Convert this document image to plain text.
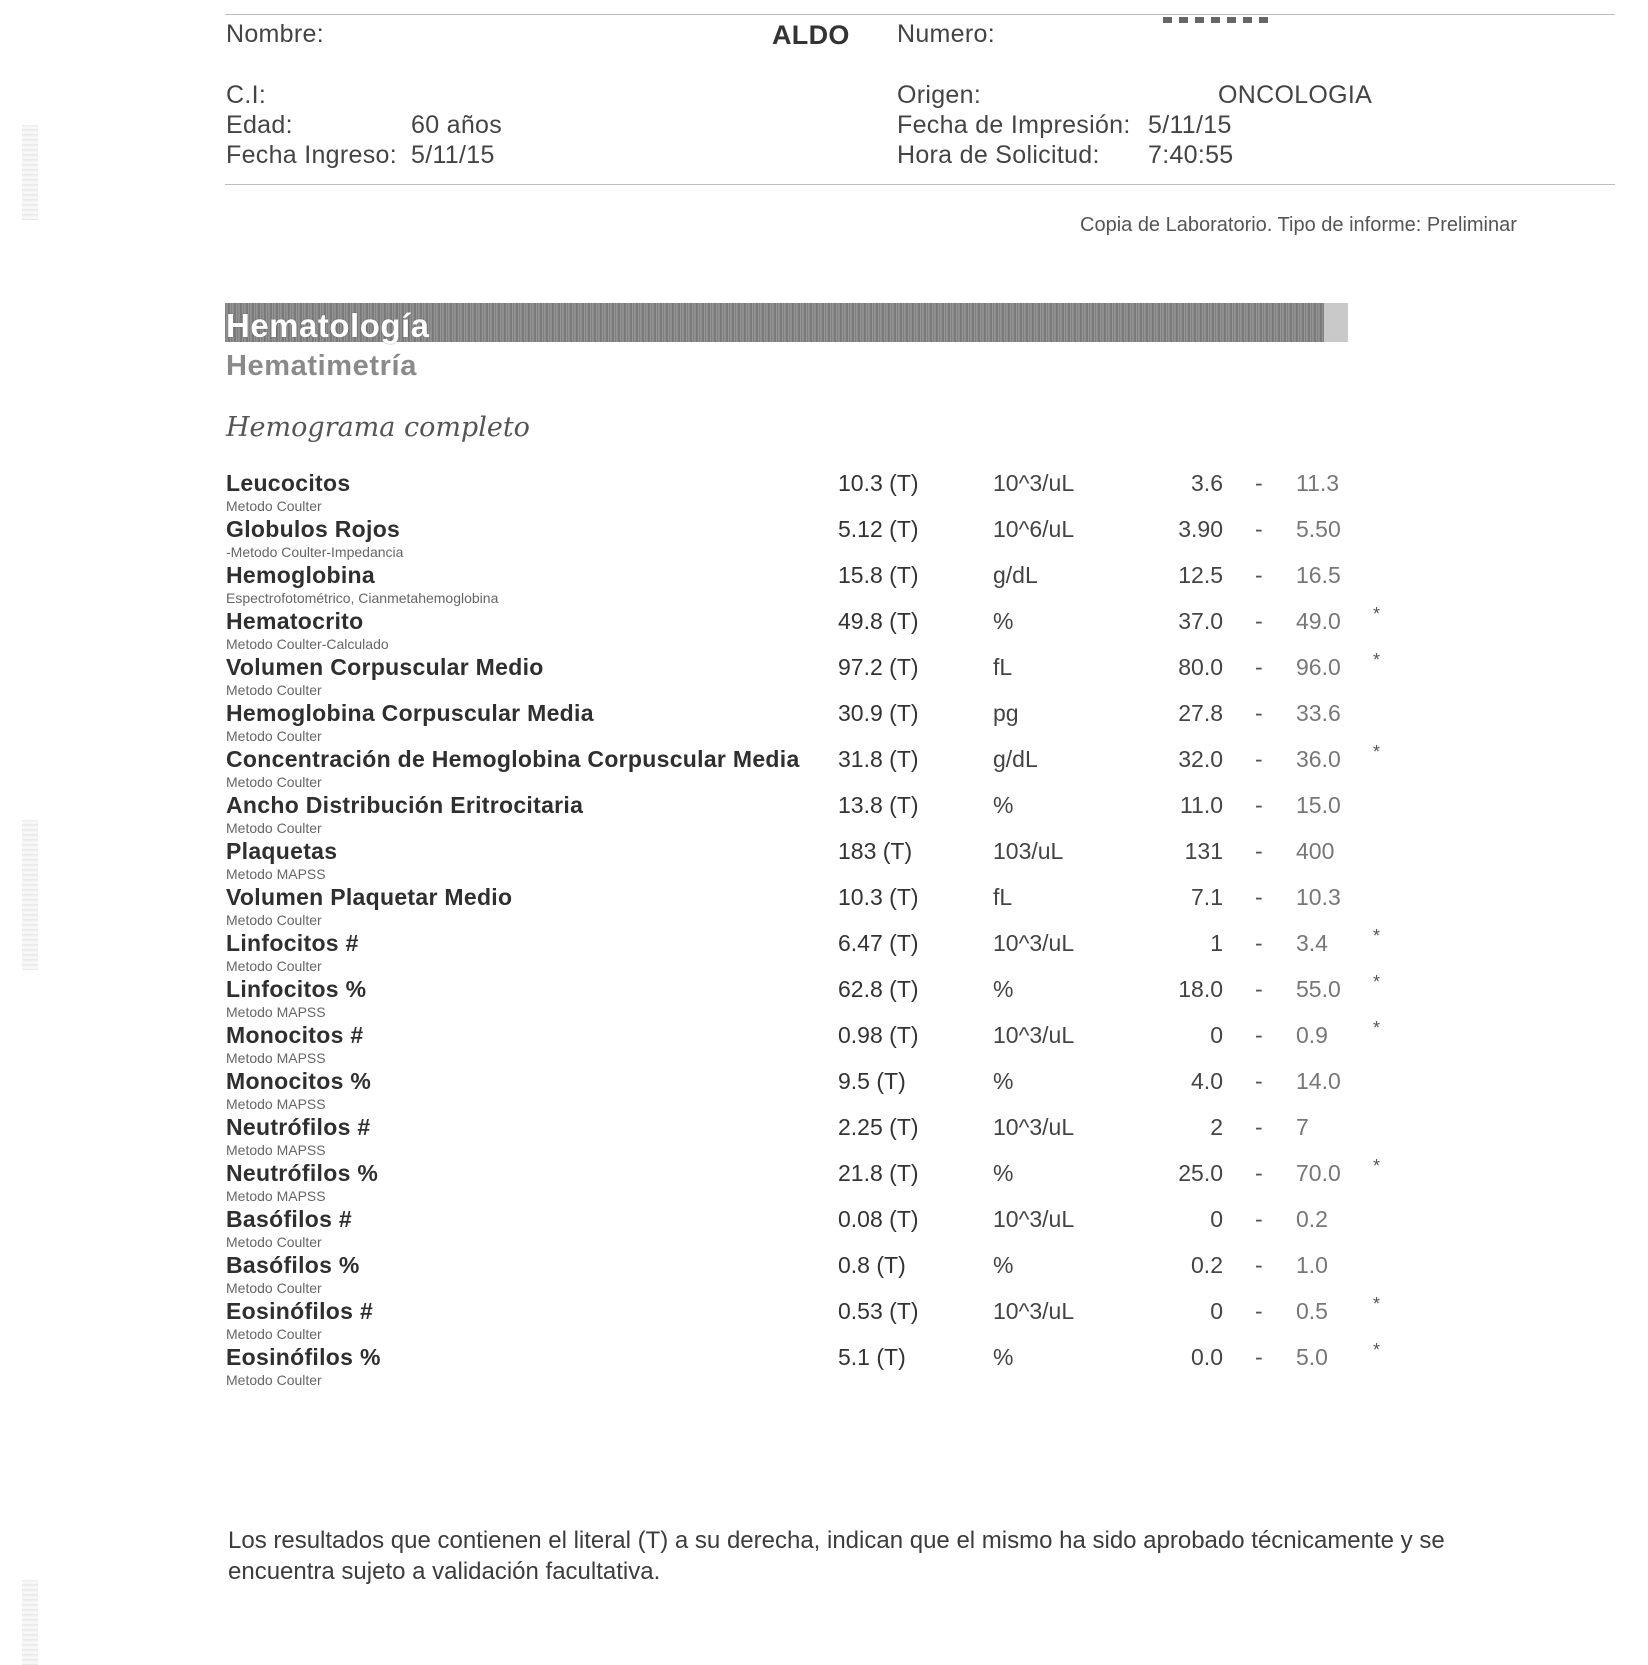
Nombre:	ALDO Numero:
C.I:	Origen:	ONCOLOGIA
Edad:	60 años	Fecha de Impresión: 5/11/15
Fecha Ingreso: 5/11/15	Hora de Solicitud: 7:40:55
Copia de Laboratorio. Tipo de informe: Preliminar
Hematología
Hematimetría
Hemograma completo
Leucocitos
Metodo Coulter
10.3 (T)	10^3/uL	3.6 - 11.3
Globulos Rojos
-Metodo Coulter-Impedancia
5.12 (T)	10^6/uL	3.90 - 5.50
Hemoglobina
Espectrofotométrico, Cianmetahemoglobina
15.8 (T)	g/dL	12.5 - 16.5
Hematocrito
Metodo Coulter-Calculado
49.8 (T)	%	37.0 - 49.0 *
Volumen Corpuscular Medio
Metodo Coulter
97.2 (T)	fL	80.0 - 96.0 *
Hemoglobina Corpuscular Media
Metodo Coulter
30.9 (T)	pg	27.8 - 33.6
Concentración de Hemoglobina Corpuscular Media
Metodo Coulter
31.8 (T)	g/dL	32.0 - 36.0 *
Ancho Distribución Eritrocitaria
Metodo Coulter
13.8 (T)	%	11.0 - 15.0
Plaquetas
Metodo MAPSS
183 (T)	103/uL	131 - 400
Volumen Plaquetar Medio
Metodo Coulter
10.3 (T)	fL	7.1 - 10.3
Linfocitos #
Metodo Coulter
6.47 (T)	10^3/uL	1 - 3.4	*
Linfocitos %
Metodo MAPSS
62.8 (T)	%	18.0 - 55.0 *
Monocitos #
Metodo MAPSS
0.98 (T)	10^3/uL	0 - 0.9	*
Monocitos %
Metodo MAPSS
9.5 (T)	%	4.0 - 14.0
Neutrófilos #
Metodo MAPSS
2.25 (T)	10^3/uL	2 - 7
Neutrófilos %
Metodo MAPSS
21.8 (T)	%	25.0 - 70.0 *
Basófilos #
Metodo Coulter
0.08 (T)	10^3/uL	0 - 0.2
Basófilos %
Metodo Coulter
0.8 (T)	%	0.2 - 1.0
Eosinófilos #
Metodo Coulter
0.53 (T)	10^3/uL	0 - 0.5	*
Eosinófilos %
Metodo Coulter
5.1 (T)	%	0.0 - 5.0	*
Los resultados que contienen el literal (T) a su derecha, indican que el mismo ha sido aprobado técnicamente y se encuentra sujeto a validación facultativa.
